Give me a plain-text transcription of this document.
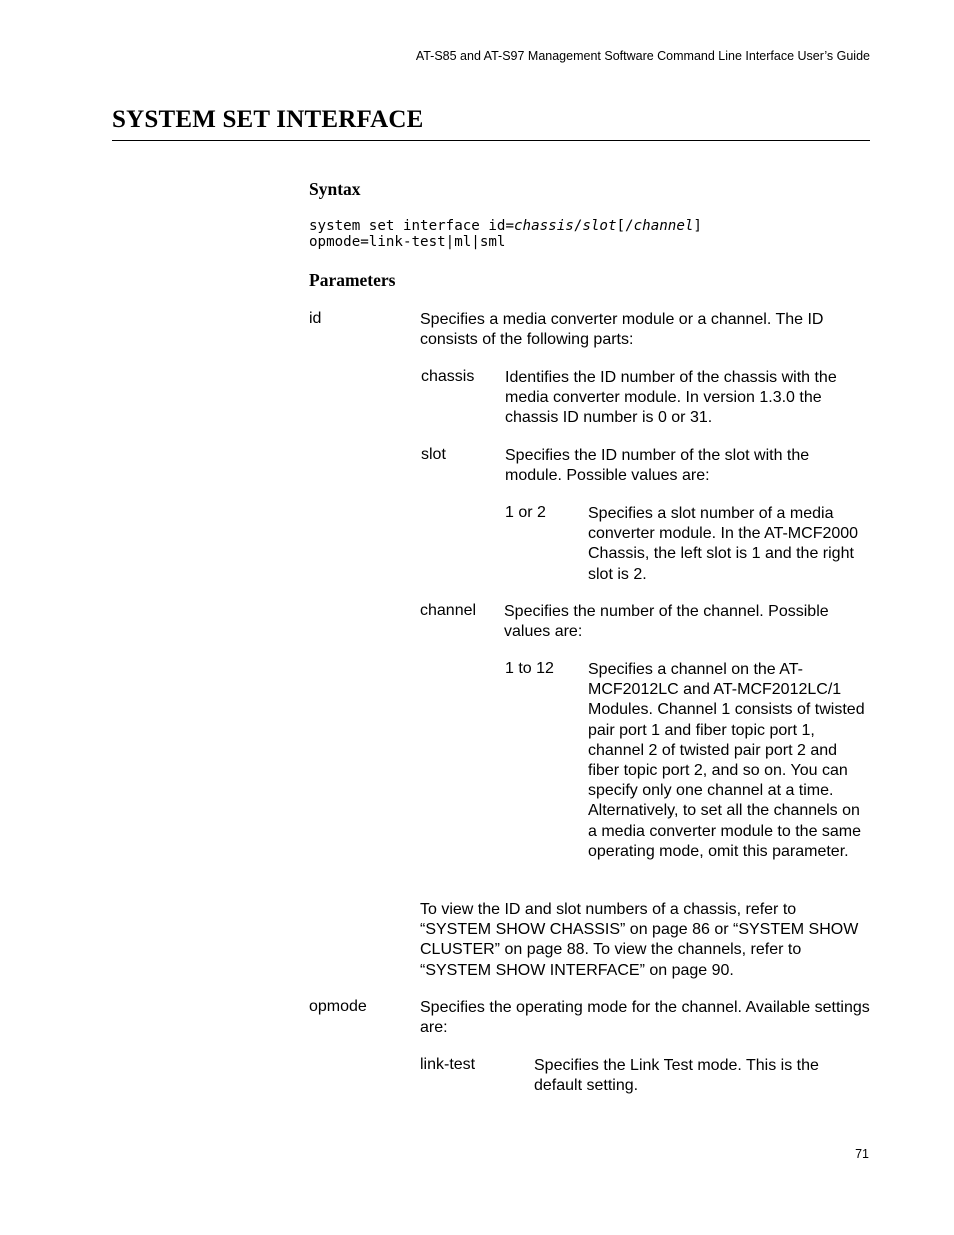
AT-S85 and AT-S97 Management Software Command Line Interface User’s Guide
SYSTEM SET INTERFACE
Syntax
system set interface id=chassis/slot[/channel]
opmode=link-test|ml|sml
Parameters
id	Specifies a media converter module or a channel. The ID consists of the following parts:
chassis Identifies the ID number of the chassis with the media converter module. In version 1.3.0 the chassis ID number is 0 or 31.
slot	Specifies the ID number of the slot with the module. Possible values are:
1 or 2	Specifies a slot number of a media converter module. In the AT-MCF2000 Chassis, the left slot is 1 and the right slot is 2.
channel Specifies the number of the channel. Possible values are:
1 to 12 Specifies a channel on the AT-MCF2012LC and AT-MCF2012LC/1 Modules. Channel 1 consists of twisted pair port 1 and fiber topic port 1, channel 2 of twisted pair port 2 and fiber topic port 2, and so on. You can specify only one channel at a time. Alternatively, to set all the channels on a media converter module to the same operating mode, omit this parameter.
To view the ID and slot numbers of a chassis, refer to “SYSTEM SHOW CHASSIS” on page 86 or “SYSTEM SHOW CLUSTER” on page 88. To view the channels, refer to “SYSTEM SHOW INTERFACE” on page 90.
opmode	Specifies the operating mode for the channel. Available settings are:
link-test	Specifies the Link Test mode. This is the default setting.
71
